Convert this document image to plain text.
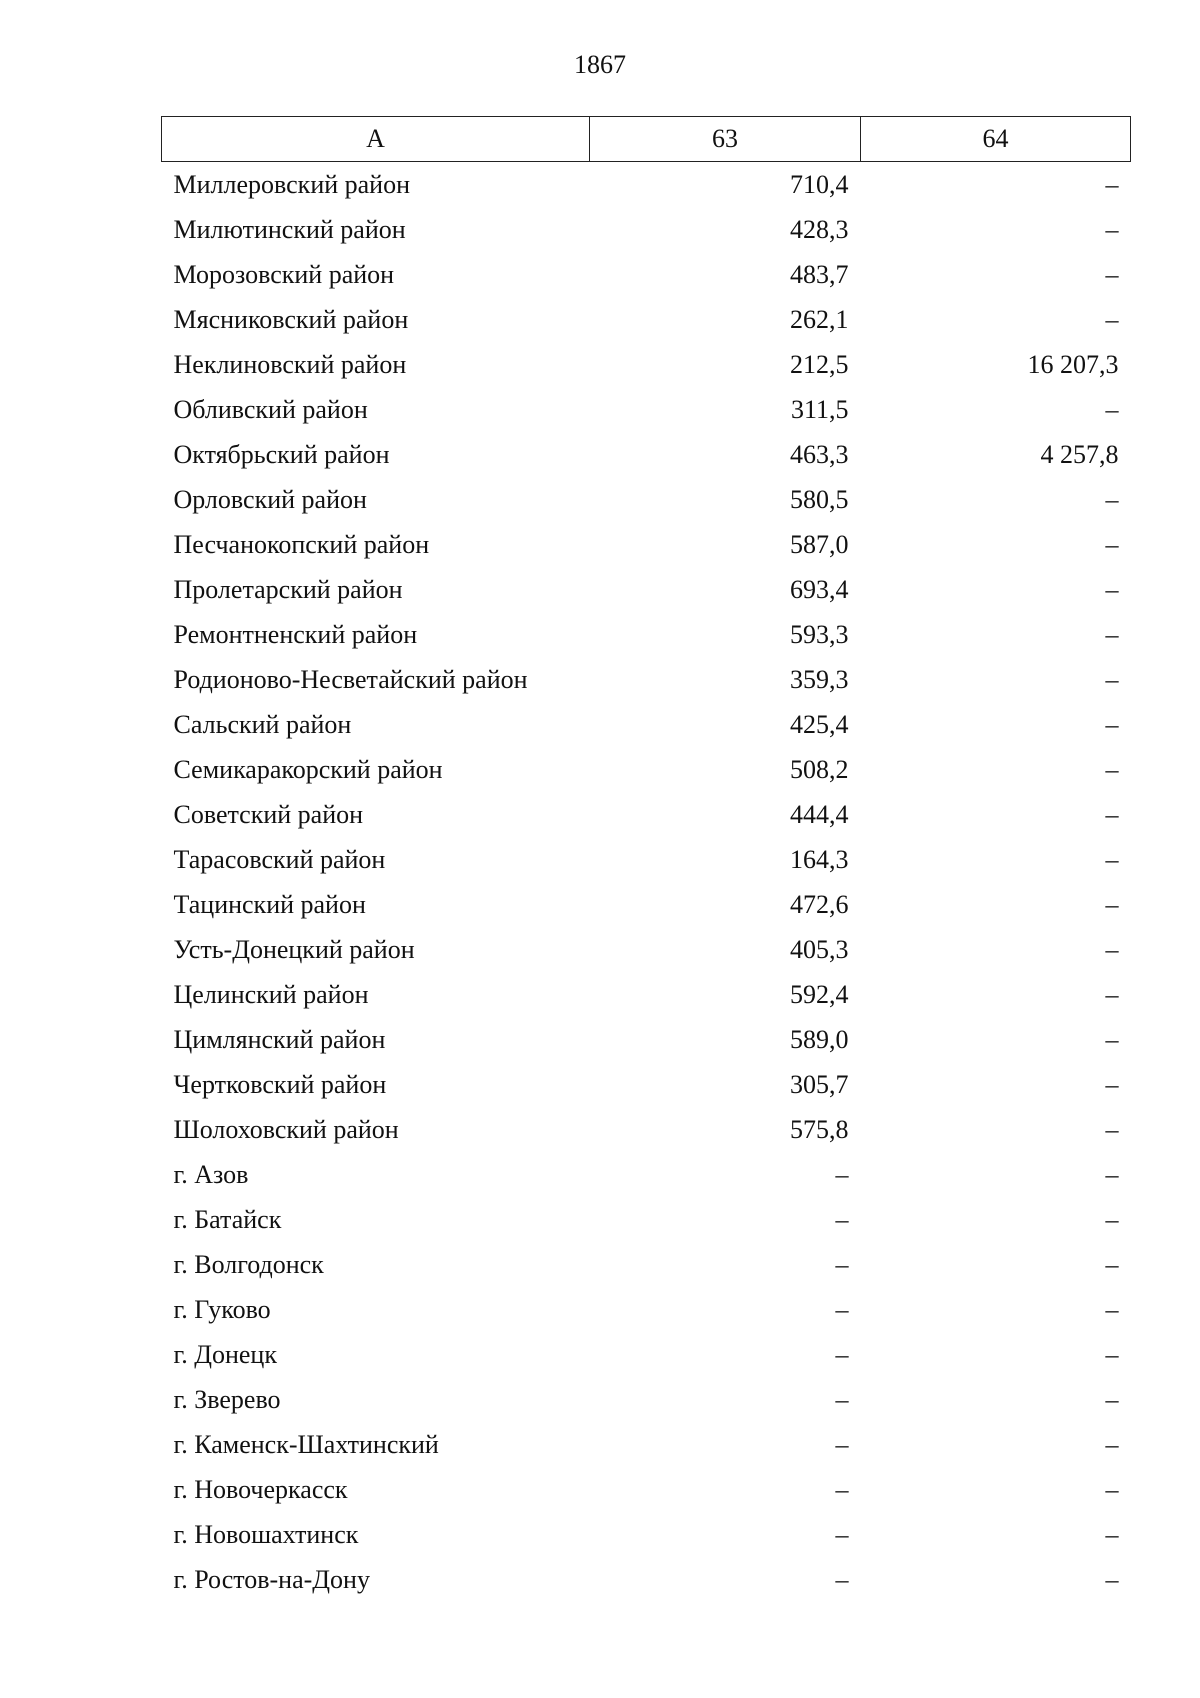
1867
А	63	64
Миллеровский район	710,4	–
Милютинский район	428,3	–
Морозовский район	483,7	–
Мясниковский район	262,1	–
Неклиновский район	212,5	16 207,3
Обливский район	311,5	–
Октябрьский район	463,3	4 257,8
Орловский район	580,5	–
Песчанокопский район	587,0	–
Пролетарский район	693,4	–
Ремонтненский район	593,3	–
Родионово-Несветайский район	359,3	–
Сальский район	425,4	–
Семикаракорский район	508,2	–
Советский район	444,4	–
Тарасовский район	164,3	–
Тацинский район	472,6	–
Усть-Донецкий район	405,3	–
Целинский район	592,4	–
Цимлянский район	589,0	–
Чертковский район	305,7	–
Шолоховский район	575,8	–
г. Азов	–	–
г. Батайск	–	–
г. Волгодонск	–	–
г. Гуково	–	–
г. Донецк	–	–
г. Зверево	–	–
г. Каменск-Шахтинский	–	–
г. Новочеркасск	–	–
г. Новошахтинск	–	–
г. Ростов-на-Дону	–	–
